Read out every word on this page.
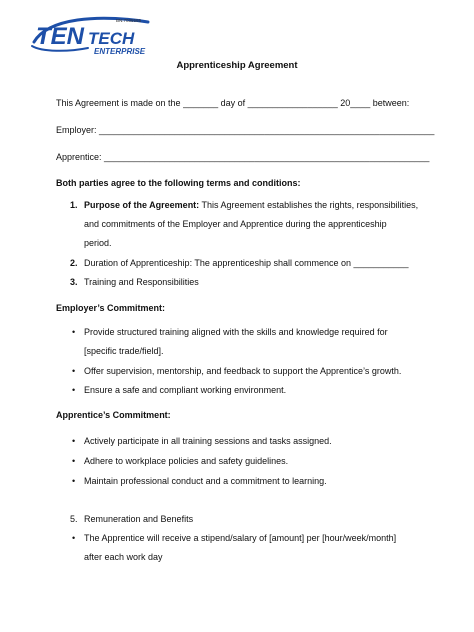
TEN TECH
ENTERPRISE
BN:7035565
Apprenticeship Agreement
This Agreement is made on the _______ day of __________________ 20____ between:
Employer: ___________________________________________________________________
Apprentice: _________________________________________________________________
Both parties agree to the following terms and conditions:
1. Purpose of the Agreement: This Agreement establishes the rights, responsibilities,
and commitments of the Employer and Apprentice during the apprenticeship
period.
2. Duration of Apprenticeship: The apprenticeship shall commence on ___________
3. Training and Responsibilities
Employer’s Commitment:
• Provide structured training aligned with the skills and knowledge required for
[specific trade/field].
• Offer supervision, mentorship, and feedback to support the Apprentice’s growth.
• Ensure a safe and compliant working environment.
Apprentice’s Commitment:
• Actively participate in all training sessions and tasks assigned.
• Adhere to workplace policies and safety guidelines.
• Maintain professional conduct and a commitment to learning.
5. Remuneration and Benefits
• The Apprentice will receive a stipend/salary of [amount] per [hour/week/month]
after each work day
